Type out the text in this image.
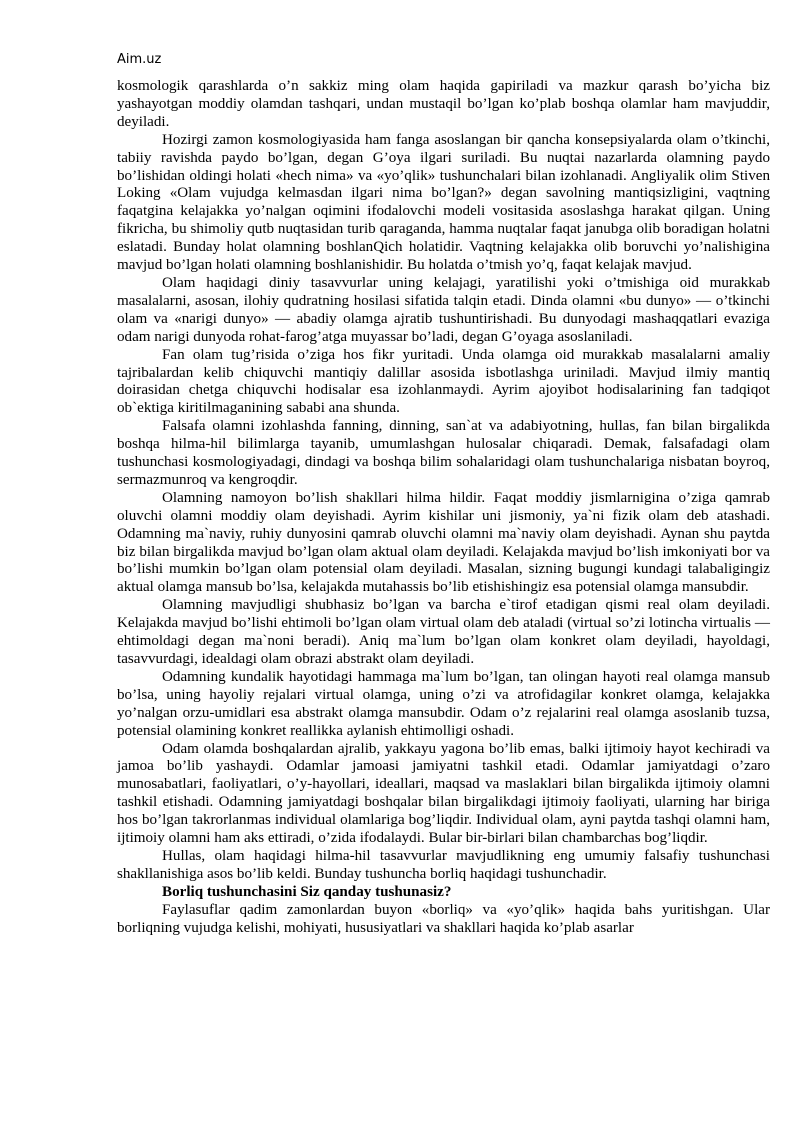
Aim.uz

kosmologik qarashlarda o’n sakkiz ming olam haqida gapiriladi va mazkur qarash bo’yicha biz yashayotgan moddiy olamdan tashqari, undan mustaqil bo’lgan ko’plab boshqa olamlar ham mavjuddir, deyiladi.

Hozirgi zamon kosmologiyasida ham fanga asoslangan bir qancha konsepsiyalarda olam o’tkinchi, tabiiy ravishda paydo bo’lgan, degan G’oya ilgari suriladi. Bu nuqtai nazarlarda olamning paydo bo’lishidan oldingi holati «hech nima» va «yo’qlik» tushunchalari bilan izohlanadi. Angliyalik olim Stiven Loking «Olam vujudga kelmasdan ilgari nima bo’lgan?» degan savolning mantiqsizligini, vaqtning faqatgina kelajakka yo’nalgan oqimini ifodalovchi modeli vositasida asoslashga harakat qilgan. Uning fikricha, bu shimoliy qutb nuqtasidan turib qaraganda, hamma nuqtalar faqat janubga olib boradigan holatni eslatadi. Bunday holat olamning boshlanQich holatidir. Vaqtning kelajakka olib boruvchi yo’nalishigina mavjud bo’lgan holati olamning boshlanishidir. Bu holatda o’tmish yo’q, faqat kelajak mavjud.

Olam haqidagi diniy tasavvurlar uning kelajagi, yaratilishi yoki o’tmishiga oid murakkab masalalarni, asosan, ilohiy qudratning hosilasi sifatida talqin etadi. Dinda olamni «bu dunyo» — o’tkinchi olam va «narigi dunyo» — abadiy olamga ajratib tushuntirishadi. Bu dunyodagi mashaqqatlari evaziga odam narigi dunyoda rohat-farog’atga muyassar bo’ladi, degan G’oyaga asoslaniladi.

Fan olam tug’risida o’ziga hos fikr yuritadi. Unda olamga oid murakkab masalalarni amaliy tajribalardan kelib chiquvchi mantiqiy dalillar asosida isbotlashga uriniladi. Mavjud ilmiy mantiq doirasidan chetga chiquvchi hodisalar esa izohlanmaydi. Ayrim ajoyibot hodisalarining fan tadqiqot ob`ektiga kiritilmaganining sababi ana shunda.

Falsafa olamni izohlashda fanning, dinning, san`at va adabiyotning, hullas, fan bilan birgalikda boshqa hilma-hil bilimlarga tayanib, umumlashgan hulosalar chiqaradi. Demak, falsafadagi olam tushunchasi kosmologiyadagi, dindagi va boshqa bilim sohalaridagi olam tushunchalariga nisbatan boyroq, sermazmunroq va kengroqdir.

Olamning namoyon bo’lish shakllari hilma hildir. Faqat moddiy jismlarnigina o’ziga qamrab oluvchi olamni moddiy olam deyishadi. Ayrim kishilar uni jismoniy, ya`ni fizik olam deb atashadi. Odamning ma`naviy, ruhiy dunyosini qamrab oluvchi olamni ma`naviy olam deyishadi. Aynan shu paytda biz bilan birgalikda mavjud bo’lgan olam aktual olam deyiladi. Kelajakda mavjud bo’lish imkoniyati bor va bo’lishi mumkin bo’lgan olam potensial olam deyiladi. Masalan, sizning bugungi kundagi talabaligingiz aktual olamga mansub bo’lsa, kelajakda mutahassis bo’lib etishishingiz esa potensial olamga mansubdir.

Olamning mavjudligi shubhasiz bo’lgan va barcha e`tirof etadigan qismi real olam deyiladi. Kelajakda mavjud bo’lishi ehtimoli bo’lgan olam virtual olam deb ataladi (virtual so’zi lotincha virtualis — ehtimoldagi degan ma`noni beradi). Aniq ma`lum bo’lgan olam konkret olam deyiladi, hayoldagi, tasavvurdagi, idealdagi olam obrazi abstrakt olam deyiladi.

Odamning kundalik hayotidagi hammaga ma`lum bo’lgan, tan olingan hayoti real olamga mansub bo’lsa, uning hayoliy rejalari virtual olamga, uning o’zi va atrofidagilar konkret olamga, kelajakka yo’nalgan orzu-umidlari esa abstrakt olamga mansubdir. Odam o’z rejalarini real olamga asoslanib tuzsa, potensial olamining konkret reallikka aylanish ehtimolligi oshadi.

Odam olamda boshqalardan ajralib, yakkayu yagona bo’lib emas, balki ijtimoiy hayot kechiradi va jamoa bo’lib yashaydi. Odamlar jamoasi jamiyatni tashkil etadi. Odamlar jamiyatdagi o’zaro munosabatlari, faoliyatlari, o’y-hayollari, ideallari, maqsad va maslaklari bilan birgalikda ijtimoiy olamni tashkil etishadi. Odamning jamiyatdagi boshqalar bilan birgalikdagi ijtimoiy faoliyati, ularning har biriga hos bo’lgan takrorlanmas individual olamlariga bog’liqdir. Individual olam, ayni paytda tashqi olamni ham, ijtimoiy olamni ham aks ettiradi, o’zida ifodalaydi. Bular bir-birlari bilan chambarchas bog’liqdir.

Hullas, olam haqidagi hilma-hil tasavvurlar mavjudlikning eng umumiy falsafiy tushunchasi shakllanishiga asos bo’lib keldi. Bunday tushuncha borliq haqidagi tushunchadir.

Borliq tushunchasini Siz qanday tushunasiz?

Faylasuflar qadim zamonlardan buyon «borliq» va «yo’qlik» haqida bahs yuritishgan. Ular borliqning vujudga kelishi, mohiyati, hususiyatlari va shakllari haqida ko’plab asarlar
